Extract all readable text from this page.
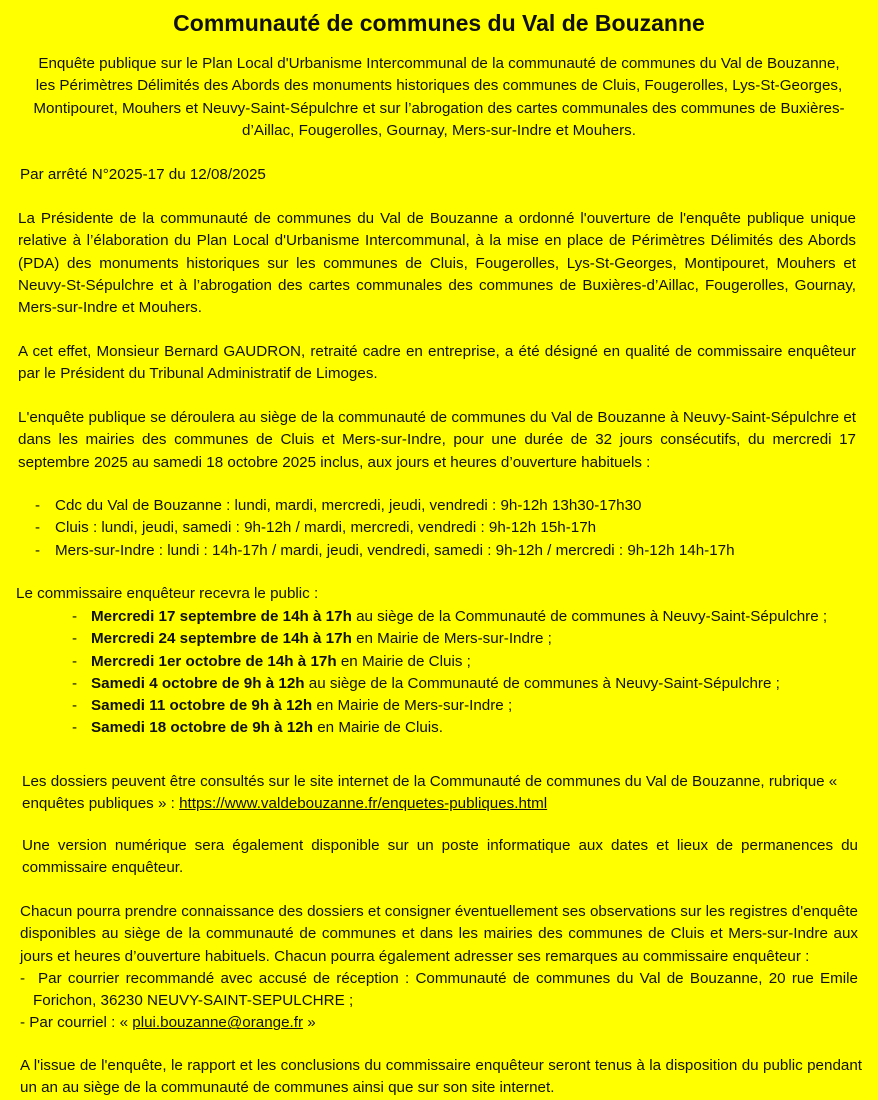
Communauté de communes du Val de Bouzanne

Enquête publique sur le Plan Local d'Urbanisme Intercommunal de la communauté de communes du Val de Bouzanne, les Périmètres Délimités des Abords des monuments historiques des communes de Cluis, Fougerolles, Lys-St-Georges, Montipouret, Mouhers et Neuvy-Saint-Sépulchre et sur l’abrogation des cartes communales des communes de Buxières-d’Aillac, Fougerolles, Gournay, Mers-sur-Indre et Mouhers.

Par arrêté N°2025-17 du 12/08/2025

La Présidente de la communauté de communes du Val de Bouzanne a ordonné l'ouverture de l'enquête publique unique relative à l’élaboration du Plan Local d'Urbanisme Intercommunal, à la mise en place de Périmètres Délimités des Abords (PDA) des monuments historiques sur les communes de Cluis, Fougerolles, Lys-St-Georges, Montipouret, Mouhers et Neuvy-St-Sépulchre et à l’abrogation des cartes communales des communes de Buxières-d’Aillac, Fougerolles, Gournay, Mers-sur-Indre et Mouhers.

A cet effet, Monsieur Bernard GAUDRON, retraité cadre en entreprise, a été désigné en qualité de commissaire enquêteur par le Président du Tribunal Administratif de Limoges.

L'enquête publique se déroulera au siège de la communauté de communes du Val de Bouzanne à Neuvy-Saint-Sépulchre et dans les mairies des communes de Cluis et Mers-sur-Indre, pour une durée de 32 jours consécutifs, du mercredi 17 septembre 2025 au samedi 18 octobre 2025 inclus, aux jours et heures d’ouverture habituels :

- Cdc du Val de Bouzanne : lundi, mardi, mercredi, jeudi, vendredi : 9h-12h 13h30-17h30
- Cluis : lundi, jeudi, samedi : 9h-12h / mardi, mercredi, vendredi : 9h-12h 15h-17h
- Mers-sur-Indre : lundi : 14h-17h / mardi, jeudi, vendredi, samedi : 9h-12h / mercredi : 9h-12h 14h-17h

Le commissaire enquêteur recevra le public :

- Mercredi 17 septembre de 14h à 17h au siège de la Communauté de communes à Neuvy-Saint-Sépulchre ;
- Mercredi 24 septembre de 14h à 17h en Mairie de Mers-sur-Indre ;
- Mercredi 1er octobre de 14h à 17h en Mairie de Cluis ;
- Samedi 4 octobre de 9h à 12h au siège de la Communauté de communes à Neuvy-Saint-Sépulchre ;
- Samedi 11 octobre de 9h à 12h en Mairie de Mers-sur-Indre ;
- Samedi 18 octobre de 9h à 12h en Mairie de Cluis.

Les dossiers peuvent être consultés sur le site internet de la Communauté de communes du Val de Bouzanne, rubrique « enquêtes publiques » : https://www.valdebouzanne.fr/enquetes-publiques.html

Une version numérique sera également disponible sur un poste informatique aux dates et lieux de permanences du commissaire enquêteur.

Chacun pourra prendre connaissance des dossiers et consigner éventuellement ses observations sur les registres d'enquête disponibles au siège de la communauté de communes et dans les mairies des communes de Cluis et Mers-sur-Indre aux jours et heures d’ouverture habituels. Chacun pourra également adresser ses remarques au commissaire enquêteur :

- Par courrier recommandé avec accusé de réception : Communauté de communes du Val de Bouzanne, 20 rue Emile Forichon, 36230 NEUVY-SAINT-SEPULCHRE ;
- Par courriel : « plui.bouzanne@orange.fr »

A l'issue de l'enquête, le rapport et les conclusions du commissaire enquêteur seront tenus à la disposition du public pendant un an au siège de la communauté de communes ainsi que sur son site internet.
